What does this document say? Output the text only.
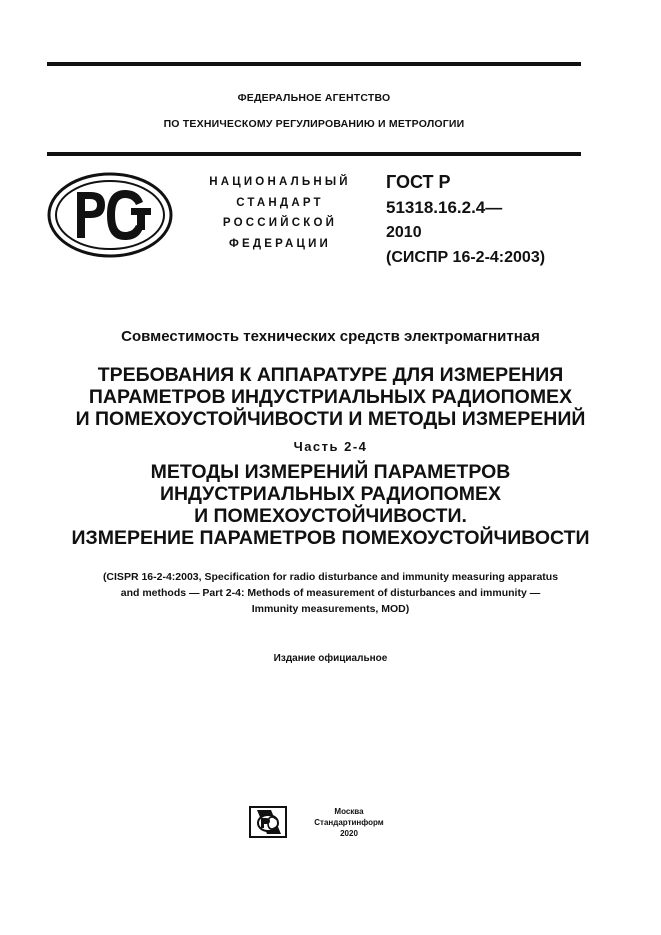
ФЕДЕРАЛЬНОЕ АГЕНТСТВО
ПО ТЕХНИЧЕСКОМУ РЕГУЛИРОВАНИЮ И МЕТРОЛОГИИ
НАЦИОНАЛЬНЫЙ
СТАНДАРТ
РОССИЙСКОЙ
ФЕДЕРАЦИИ
ГОСТ Р
51318.16.2.4—
2010
(СИСПР 16-2-4:2003)
Совместимость технических средств электромагнитная
ТРЕБОВАНИЯ К АППАРАТУРЕ ДЛЯ ИЗМЕРЕНИЯ
ПАРАМЕТРОВ ИНДУСТРИАЛЬНЫХ РАДИОПОМЕХ
И ПОМЕХОУСТОЙЧИВОСТИ И МЕТОДЫ ИЗМЕРЕНИЙ
Часть 2-4
МЕТОДЫ ИЗМЕРЕНИЙ ПАРАМЕТРОВ
ИНДУСТРИАЛЬНЫХ РАДИОПОМЕХ
И ПОМЕХОУСТОЙЧИВОСТИ.
ИЗМЕРЕНИЕ ПАРАМЕТРОВ ПОМЕХОУСТОЙЧИВОСТИ
(CISPR 16-2-4:2003, Specification for radio disturbance and immunity measuring apparatus
and methods — Part 2-4: Methods of measurement of disturbances and immunity —
Immunity measurements, MOD)
Издание официальное
Москва
Стандартинформ
2020
